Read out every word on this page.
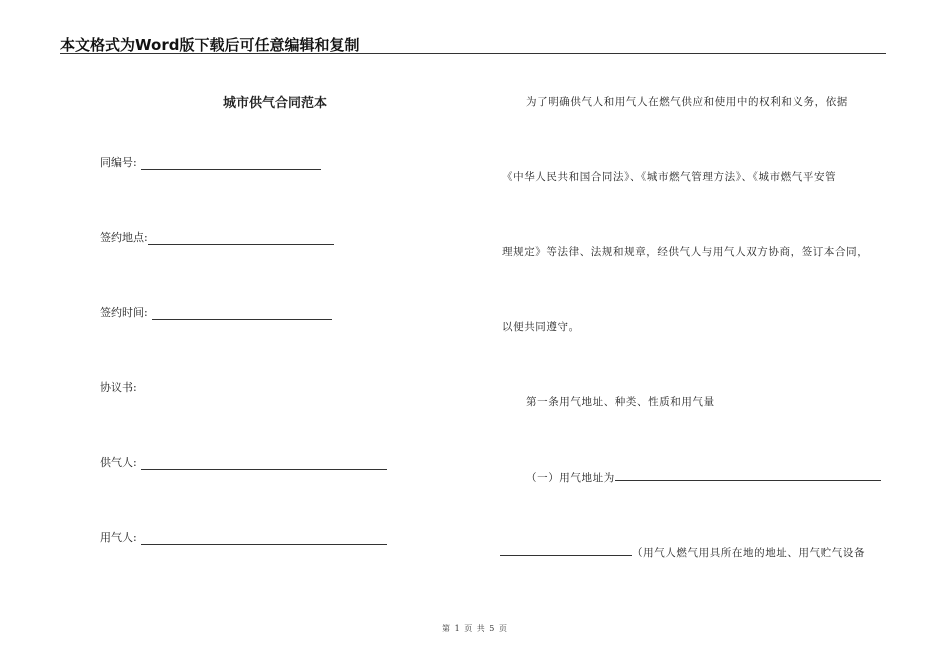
本文格式为Word版下载后可任意编辑和复制
城市供气合同范本
同编号:
签约地点:
签约时间:
协议书:
供气人:
用气人:
为了明确供气人和用气人在燃气供应和使用中的权利和义务，依据
《中华人民共和国合同法》、《城市燃气管理方法》、《城市燃气平安管
理规定》等法律、法规和规章，经供气人与用气人双方协商，签订本合同，
以便共同遵守。
第一条用气地址、种类、性质和用气量
（一）用气地址为
（用气人燃气用具所在地的地址、用气贮气设备
第 1 页 共 5 页
